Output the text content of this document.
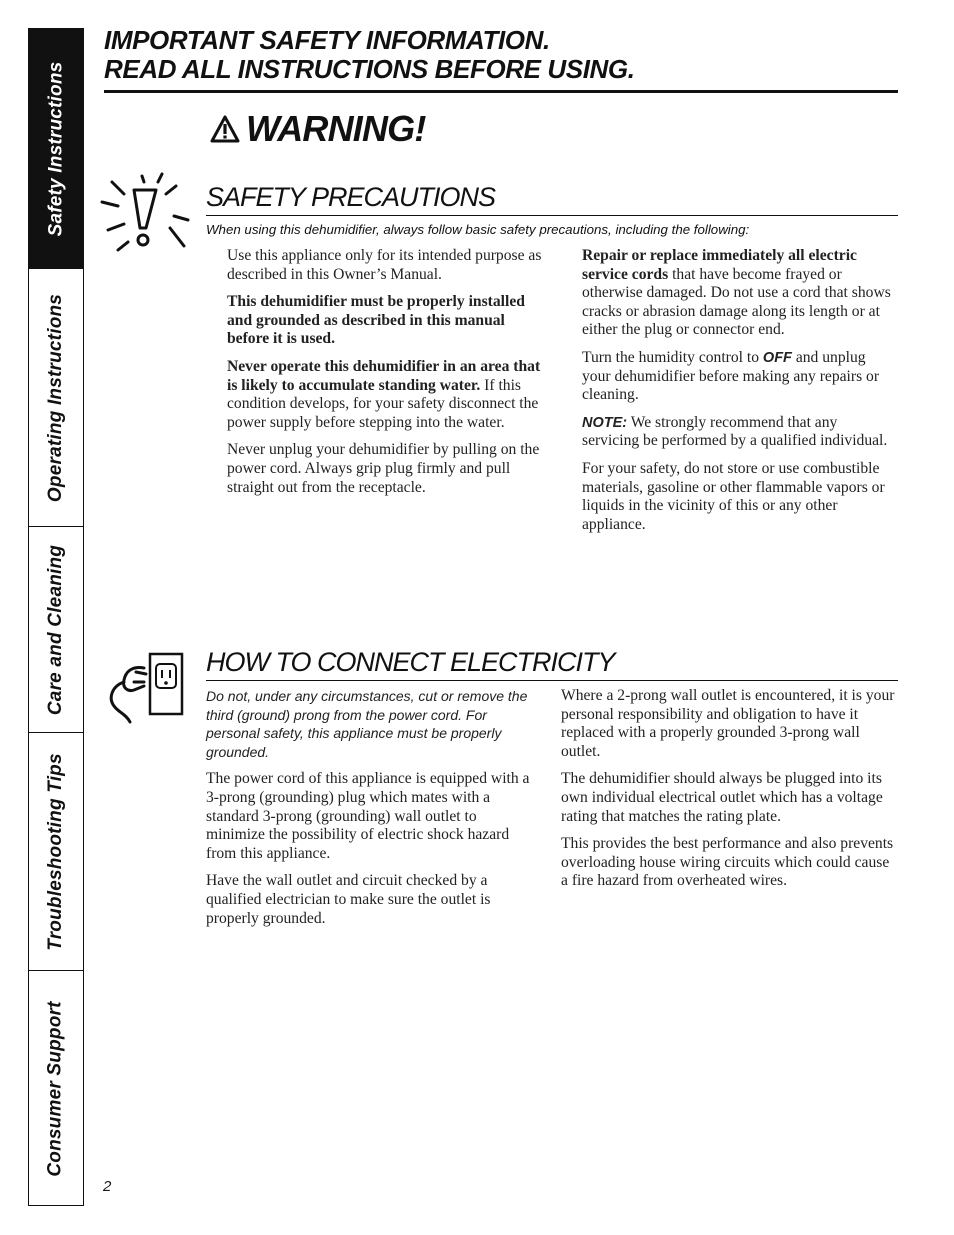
Safety Instructions
Operating Instructions
Care and Cleaning
Troubleshooting Tips
Consumer Support
IMPORTANT SAFETY INFORMATION.
READ ALL INSTRUCTIONS BEFORE USING.
WARNING!
SAFETY PRECAUTIONS
When using this dehumidifier, always follow basic safety precautions, including the following:

Use this appliance only for its intended purpose as described in this Owner’s Manual.

This dehumidifier must be properly installed and grounded as described in this manual before it is used.

Never operate this dehumidifier in an area that is likely to accumulate standing water. If this condition develops, for your safety disconnect the power supply before stepping into the water.

Never unplug your dehumidifier by pulling on the power cord. Always grip plug firmly and pull straight out from the receptacle.

Repair or replace immediately all electric service cords that have become frayed or otherwise damaged. Do not use a cord that shows cracks or abrasion damage along its length or at either the plug or connector end.

Turn the humidity control to OFF and unplug your dehumidifier before making any repairs or cleaning.

NOTE: We strongly recommend that any servicing be performed by a qualified individual.

For your safety, do not store or use combustible materials, gasoline or other flammable vapors or liquids in the vicinity of this or any other appliance.

HOW TO CONNECT ELECTRICITY

Do not, under any circumstances, cut or remove the third (ground) prong from the power cord. For personal safety, this appliance must be properly grounded.

The power cord of this appliance is equipped with a 3-prong (grounding) plug which mates with a standard 3-prong (grounding) wall outlet to minimize the possibility of electric shock hazard from this appliance.

Have the wall outlet and circuit checked by a qualified electrician to make sure the outlet is properly grounded.

Where a 2-prong wall outlet is encountered, it is your personal responsibility and obligation to have it replaced with a properly grounded 3-prong wall outlet.

The dehumidifier should always be plugged into its own individual electrical outlet which has a voltage rating that matches the rating plate.

This provides the best performance and also prevents overloading house wiring circuits which could cause a fire hazard from overheated wires.

2
